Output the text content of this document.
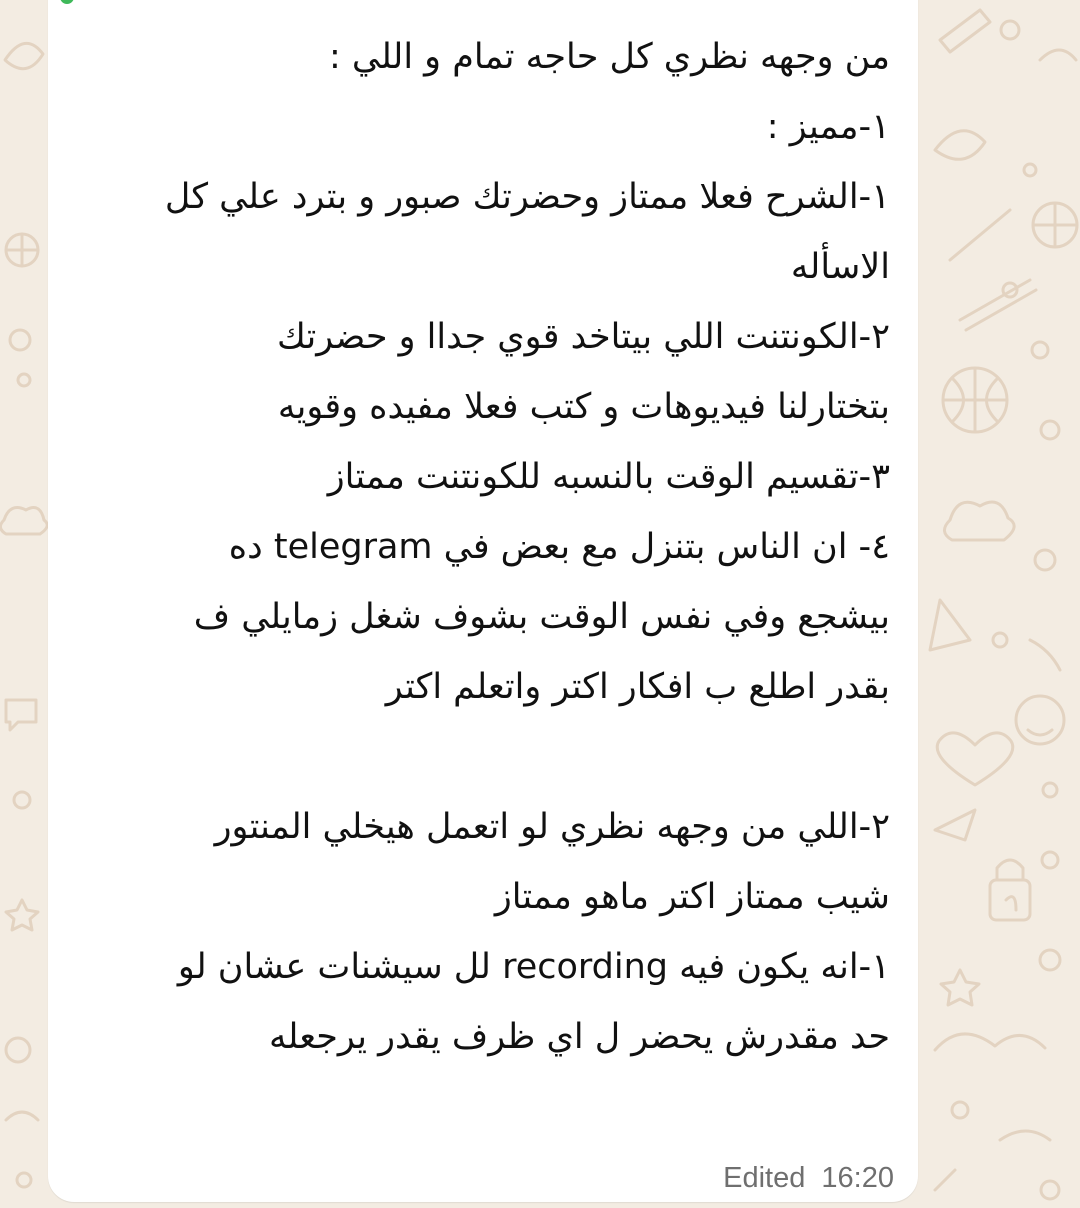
من وجهه نظري كل حاجه تمام و اللي :
١-مميز :
١-الشرح فعلا ممتاز وحضرتك صبور و بترد علي كل
الاسأله
٢-الكونتنت اللي بيتاخد قوي جداا و حضرتك
بتختارلنا فيديوهات و كتب فعلا مفيده وقويه
٣-تقسيم الوقت بالنسبه للكونتنت ممتاز
٤- ان الناس بتنزل مع بعض في telegram ده
بيشجع وفي نفس الوقت بشوف شغل زمايلي ف
بقدر اطلع ب افكار اكتر واتعلم اكتر
٢-اللي من وجهه نظري لو اتعمل هيخلي المنتور
شيب ممتاز اكتر ماهو ممتاز
١-انه يكون فيه recording لل سيشنات عشان لو
حد مقدرش يحضر ل اي ظرف يقدر يرجعله
Edited 16:20
